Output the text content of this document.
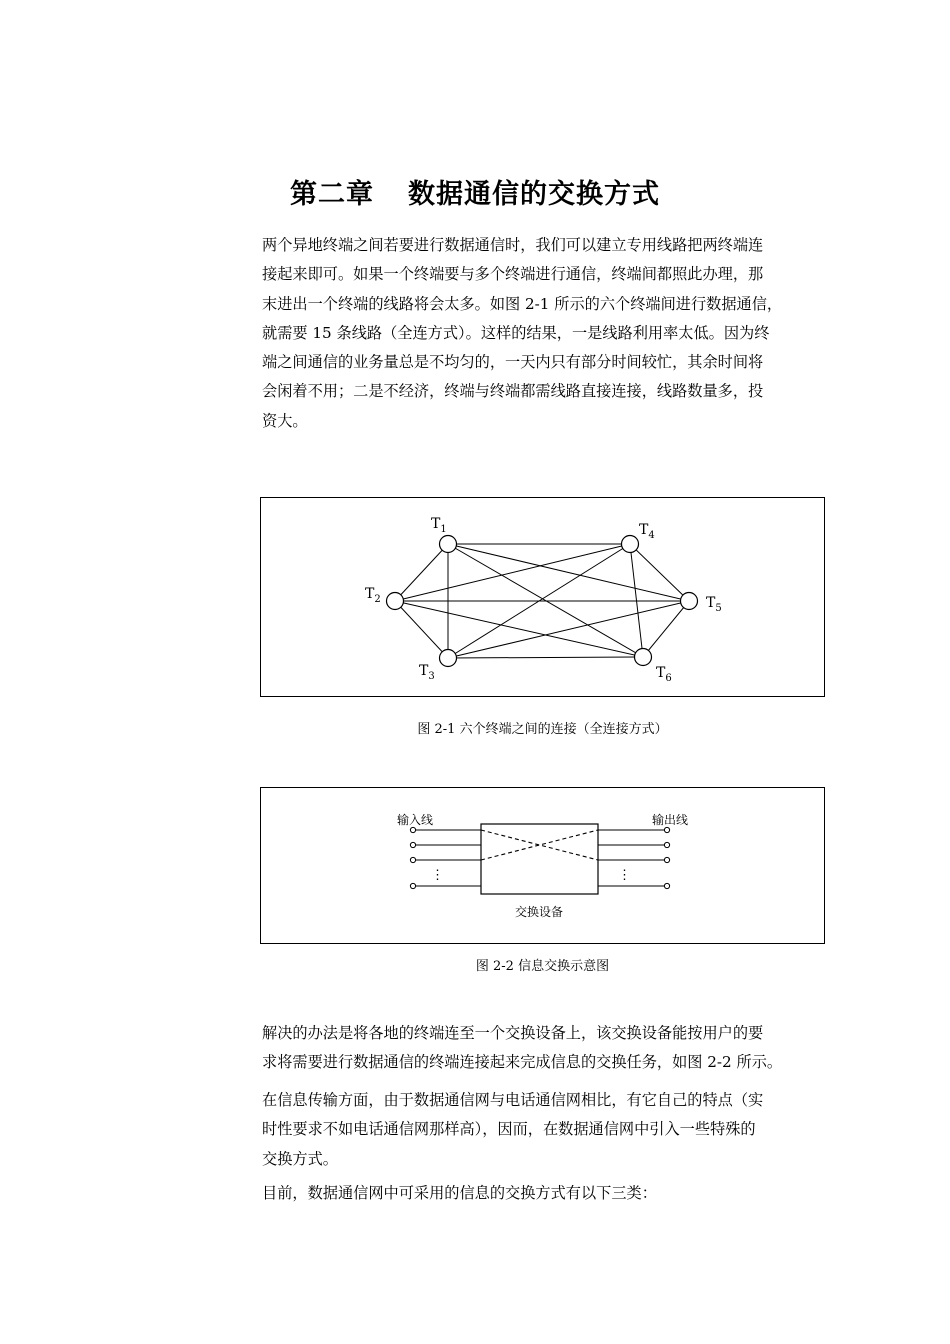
第二章 数据通信的交换方式
两个异地终端之间若要进行数据通信时，我们可以建立专用线路把两终端连
接起来即可。如果一个终端要与多个终端进行通信，终端间都照此办理，那
末进出一个终端的线路将会太多。如图 2-1 所示的六个终端间进行数据通信，
就需要 15 条线路（全连方式）。这样的结果，一是线路利用率太低。因为终
端之间通信的业务量总是不均匀的，一天内只有部分时间较忙，其余时间将
会闲着不用；二是不经济，终端与终端都需线路直接连接，线路数量多，投
资大。
$T_1$
$T_2$
$T_3$
$T_4$
$T_5$
$T_6$
图 2-1 六个终端之间的连接（全连接方式）
输入线	输出线
⋮	⋮
交换设备
图 2-2 信息交换示意图
解决的办法是将各地的终端连至一个交换设备上，该交换设备能按用户的要
求将需要进行数据通信的终端连接起来完成信息的交换任务，如图 2-2 所示。
在信息传输方面，由于数据通信网与电话通信网相比，有它自己的特点（实
时性要求不如电话通信网那样高），因而，在数据通信网中引入一些特殊的
交换方式。
目前，数据通信网中可采用的信息的交换方式有以下三类：
